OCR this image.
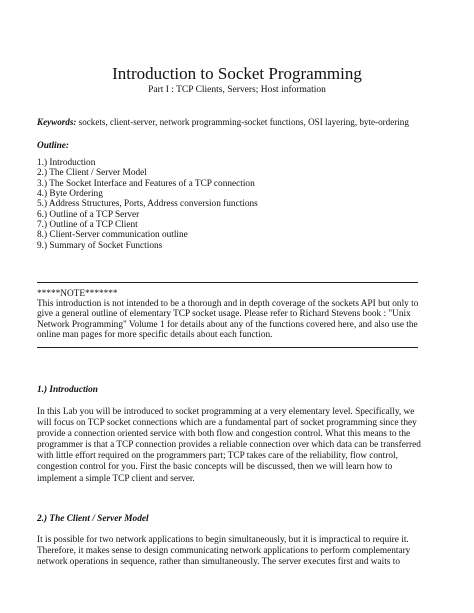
Introduction to Socket Programming
Part I : TCP Clients, Servers; Host information
Keywords: sockets, client-server, network programming-socket functions, OSI layering, byte-ordering
Outline:
1.) Introduction
2.) The Client / Server Model
3.) The Socket Interface and Features of a TCP connection
4.) Byte Ordering
5.) Address Structures, Ports, Address conversion functions
6.) Outline of a TCP Server
7.) Outline of a TCP Client
8.) Client-Server communication outline
9.) Summary of Socket Functions
*****NOTE*******
This introduction is not intended to be a thorough and in depth coverage of the sockets API but only to
give a general outline of elementary TCP socket usage. Please refer to Richard Stevens book : "Unix
Network Programming" Volume 1 for details about any of the functions covered here, and also use the
online man pages for more specific details about each function.
1.) Introduction
In this Lab you will be introduced to socket programming at a very elementary level. Specifically, we
will focus on TCP socket connections which are a fundamental part of socket programming since they
provide a connection oriented service with both flow and congestion control. What this means to the
programmer is that a TCP connection provides a reliable connection over which data can be transferred
with little effort required on the programmers part; TCP takes care of the reliability, flow control,
congestion control for you. First the basic concepts will be discussed, then we will learn how to
implement a simple TCP client and server.
2.) The Client / Server Model
It is possible for two network applications to begin simultaneously, but it is impractical to require it.
Therefore, it makes sense to design communicating network applications to perform complementary
network operations in sequence, rather than simultaneously. The server executes first and waits to
